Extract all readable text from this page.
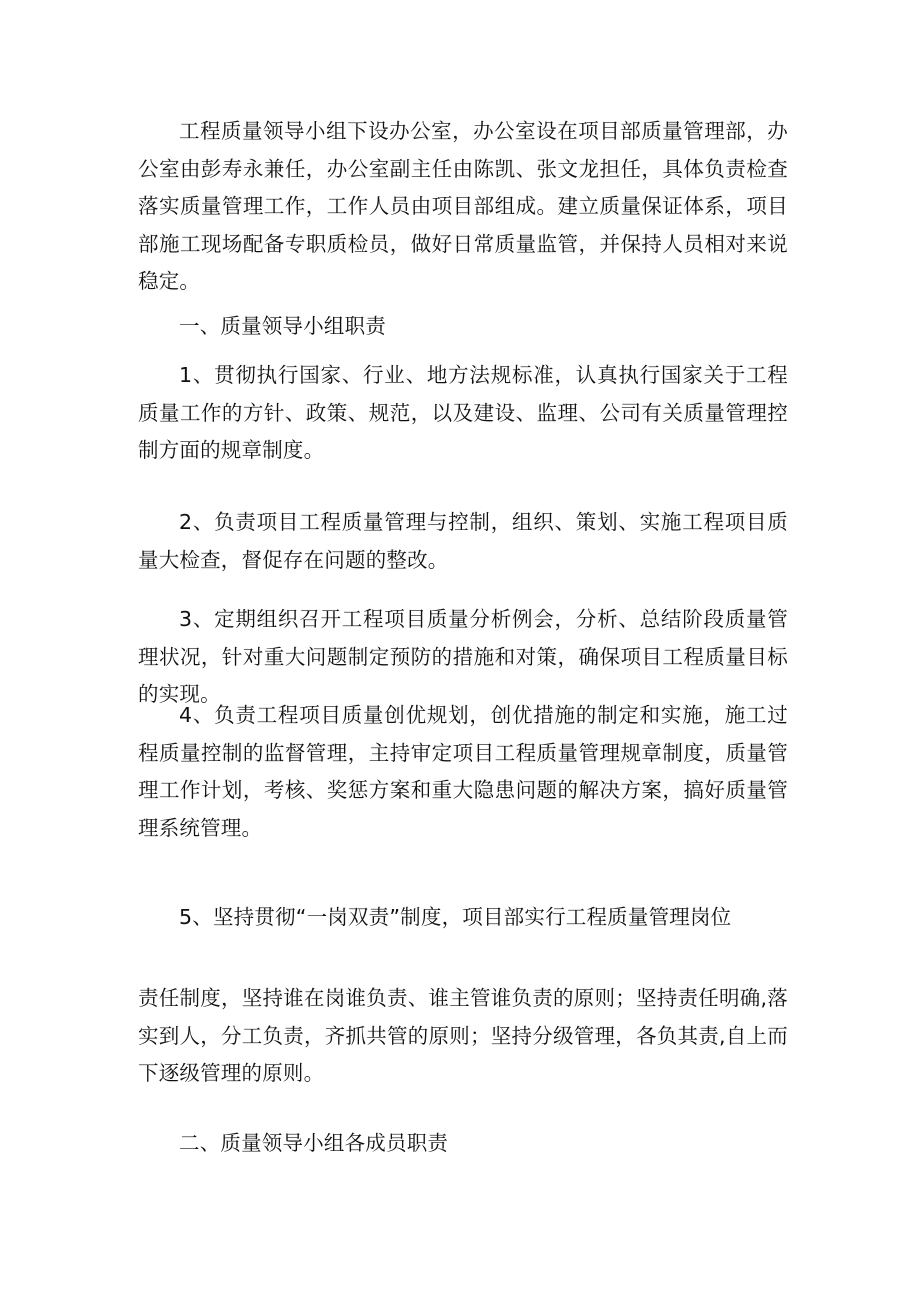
工程质量领导小组下设办公室，办公室设在项目部质量管理部，办公室由彭寿永兼任，办公室副主任由陈凯、张文龙担任，具体负责检查落实质量管理工作，工作人员由项目部组成。建立质量保证体系，项目部施工现场配备专职质检员，做好日常质量监管，并保持人员相对来说稳定。

一、质量领导小组职责

1、贯彻执行国家、行业、地方法规标准，认真执行国家关于工程质量工作的方针、政策、规范，以及建设、监理、公司有关质量管理控制方面的规章制度。

2、负责项目工程质量管理与控制，组织、策划、实施工程项目质量大检查，督促存在问题的整改。

3、定期组织召开工程项目质量分析例会，分析、总结阶段质量管理状况，针对重大问题制定预防的措施和对策，确保项目工程质量目标的实现。

4、负责工程项目质量创优规划，创优措施的制定和实施，施工过程质量控制的监督管理，主持审定项目工程质量管理规章制度，质量管理工作计划，考核、奖惩方案和重大隐患问题的解决方案，搞好质量管理系统管理。

5、坚持贯彻“一岗双责”制度，项目部实行工程质量管理岗位

责任制度，坚持谁在岗谁负责、谁主管谁负责的原则；坚持责任明确,落实到人，分工负责，齐抓共管的原则；坚持分级管理，各负其责,自上而下逐级管理的原则。

二、质量领导小组各成员职责
